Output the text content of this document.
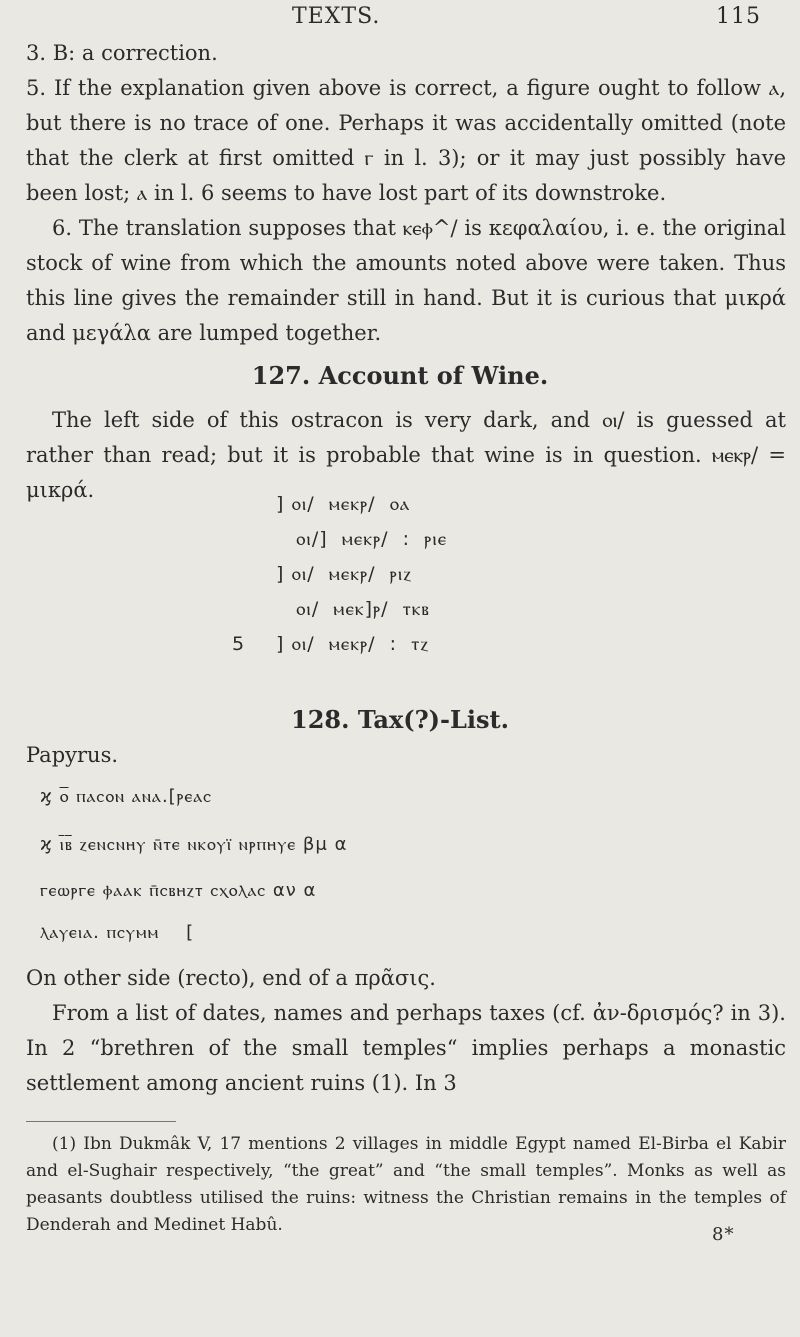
TEXTS.	115

3. Β: a correction.

5. If the explanation given above is correct, a figure ought to follow ⲁ, but there is no trace of one. Perhaps it was accidentally omitted (note that the clerk at first omitted ⲅ in l. 3); or it may just possibly have been lost; ⲁ in l. 6 seems to have lost part of its downstroke.

6. The translation supposes that ⲕⲉⲫ^/ is κεφαλαίου, i. e. the original stock of wine from which the amounts noted above were taken. Thus this line gives the remainder still in hand. But it is curious that μικρά and μεγάλα are lumped together.

127. Account of Wine.

The left side of this ostracon is very dark, and ⲟⲓ/ is guessed at rather than read; but it is probable that wine is in question. ⲙⲉⲕⲣ/ = μικρά.

] ⲟⲓ/  ⲙⲉⲕⲣ/  ⲟⲁ
ⲟⲓ/]  ⲙⲉⲕⲣ/  :  ⲣⲓⲉ
] ⲟⲓ/  ⲙⲉⲕⲣ/  ⲣⲓⲍ
ⲟⲓ/  ⲙⲉⲕ]ⲣ/  ⲧⲕⲃ
5 ] ⲟⲓ/  ⲙⲉⲕⲣ/  :  ⲧⲍ
128. Tax(?)-List.
Papyrus.
ϗ ⲟ̅ ⲡⲁⲥⲟⲛ ⲁⲛⲁ.[ⲣⲉⲁⲥ
ϗ ⲓ̅ⲃ̅ ⲍⲉⲛⲥⲛⲏⲩ ⲛ̄ⲧⲉ ⲛⲕⲟⲩⲓ̈ ⲛⲣⲡⲏⲩⲉ βμ α
ⲅⲉⲱⲣⲅⲉ ⲫⲁⲁⲕ ⲡ̄ⲥⲃⲏⲍⲧ ⲥⲭⲟⲗⲁⲥ αν α
ⲗⲁⲩⲉⲓⲁ. ⲡⲥⲩⲙⲙ    [

On other side (recto), end of a πρᾶσις.

From a list of dates, names and perhaps taxes (cf. ἀν-δρισμός? in 3). In 2 “brethren of the small temples“ implies perhaps a monastic settlement among ancient ruins (1). In 3

(1) Ibn Dukmâk V, 17 mentions 2 villages in middle Egypt named El-Birba el Kabir and el-Sughair respectively, “the great” and “the small temples”. Monks as well as peasants doubtless utilised the ruins: witness the Christian remains in the temples of Denderah and Medinet Habû.	8*
